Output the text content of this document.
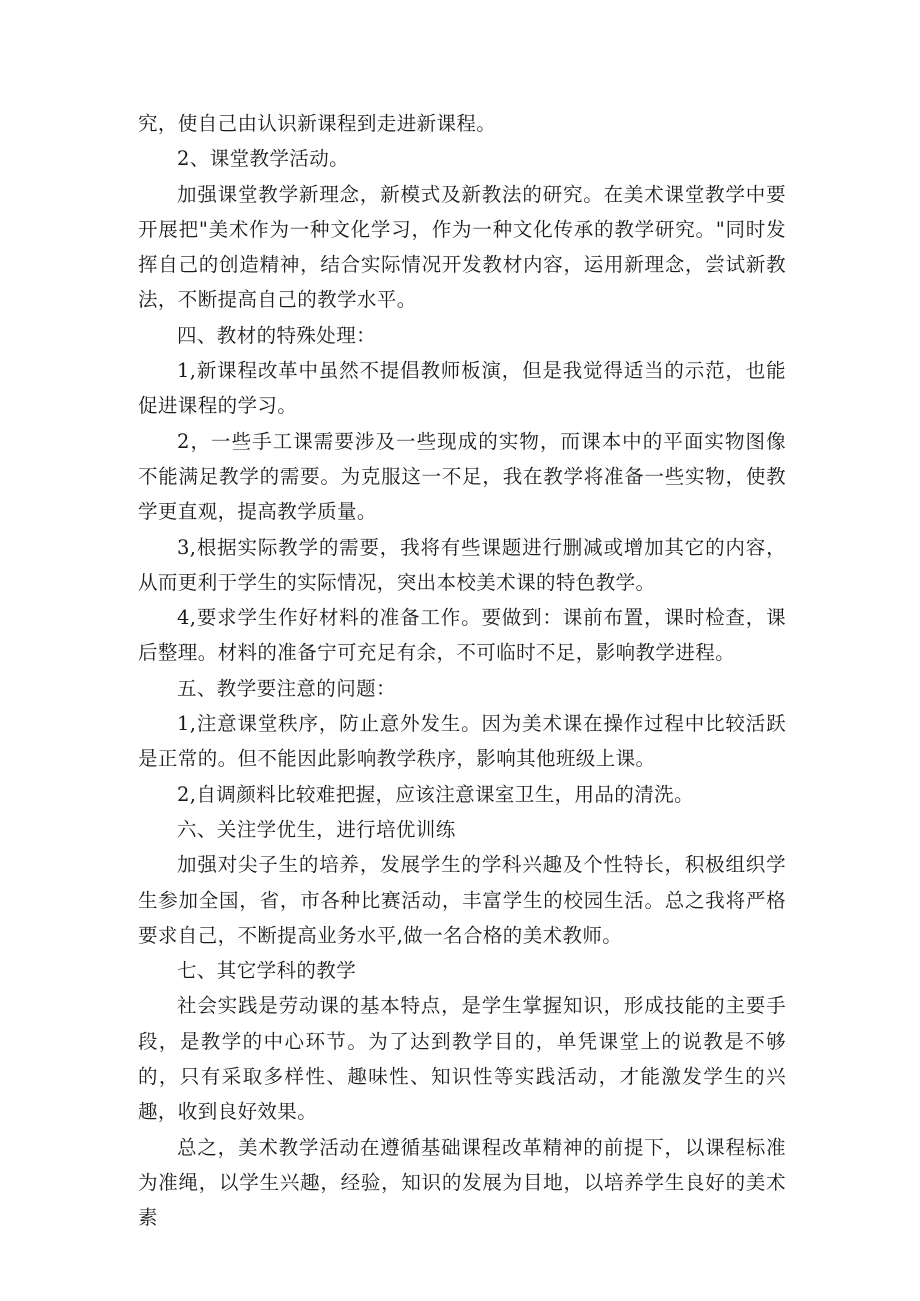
究，使自己由认识新课程到走进新课程。

2、课堂教学活动。

加强课堂教学新理念，新模式及新教法的研究。在美术课堂教学中要开展把"美术作为一种文化学习，作为一种文化传承的教学研究。"同时发挥自己的创造精神，结合实际情况开发教材内容，运用新理念，尝试新教法，不断提高自己的教学水平。

四、教材的特殊处理：

1,新课程改革中虽然不提倡教师板演，但是我觉得适当的示范，也能促进课程的学习。

2，一些手工课需要涉及一些现成的实物，而课本中的平面实物图像不能满足教学的需要。为克服这一不足，我在教学将准备一些实物，使教学更直观，提高教学质量。

3,根据实际教学的需要，我将有些课题进行删减或增加其它的内容，从而更利于学生的实际情况，突出本校美术课的特色教学。

4,要求学生作好材料的准备工作。要做到：课前布置，课时检查，课后整理。材料的准备宁可充足有余，不可临时不足，影响教学进程。

五、教学要注意的问题：

1,注意课堂秩序，防止意外发生。因为美术课在操作过程中比较活跃是正常的。但不能因此影响教学秩序，影响其他班级上课。

2,自调颜料比较难把握，应该注意课室卫生，用品的清洗。

六、关注学优生，进行培优训练

加强对尖子生的培养，发展学生的学科兴趣及个性特长，积极组织学生参加全国，省，市各种比赛活动，丰富学生的校园生活。总之我将严格要求自己，不断提高业务水平,做一名合格的美术教师。

七、其它学科的教学

社会实践是劳动课的基本特点，是学生掌握知识，形成技能的主要手段，是教学的中心环节。为了达到教学目的，单凭课堂上的说教是不够的，只有采取多样性、趣味性、知识性等实践活动，才能激发学生的兴趣，收到良好效果。

总之，美术教学活动在遵循基础课程改革精神的前提下，以课程标准为准绳，以学生兴趣，经验，知识的发展为目地，以培养学生良好的美术素
